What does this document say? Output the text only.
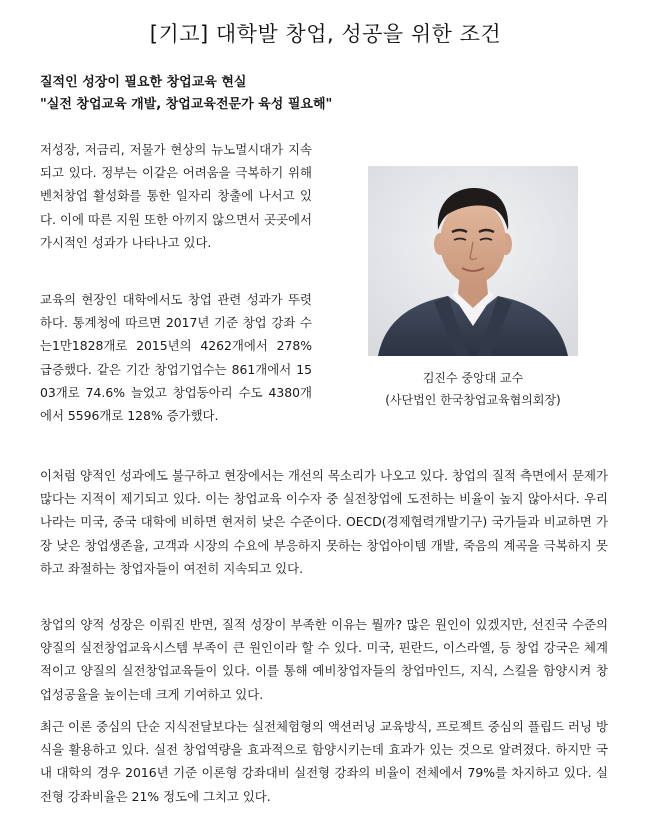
[기고] 대학발 창업, 성공을 위한 조건
질적인 성장이 필요한 창업교육 현실
"실전 창업교육 개발, 창업교육전문가 육성 필요해"
저성장, 저금리, 저물가 현상의 뉴노멀시대가 지속되고 있다. 정부는 이같은 어려움을 극복하기 위해 벤처창업 활성화를 통한 일자리 창출에 나서고 있다. 이에 따른 지원 또한 아끼지 않으면서 곳곳에서 가시적인 성과가 나타나고 있다.
교육의 현장인 대학에서도 창업 관련 성과가 뚜렷하다. 통계청에 따르면 2017년 기준 창업 강좌 수는1만1828개로 2015년의 4262개에서 278% 급증했다. 같은 기간 창업기업수는 861개에서 1503개로 74.6% 늘었고 창업동아리 수도 4380개에서 5596개로 128% 증가했다.
김진수 중앙대 교수
(사단법인 한국창업교육협의회장)
이처럼 양적인 성과에도 불구하고 현장에서는 개선의 목소리가 나오고 있다. 창업의 질적 측면에서 문제가 많다는 지적이 제기되고 있다. 이는 창업교육 이수자 중 실전창업에 도전하는 비율이 높지 않아서다. 우리나라는 미국, 중국 대학에 비하면 현저히 낮은 수준이다. OECD(경제협력개발기구) 국가들과 비교하면 가장 낮은 창업생존율, 고객과 시장의 수요에 부응하지 못하는 창업아이템 개발, 죽음의 계곡을 극복하지 못하고 좌절하는 창업자들이 여전히 지속되고 있다.
창업의 양적 성장은 이뤄진 반면, 질적 성장이 부족한 이유는 뭘까? 많은 원인이 있겠지만, 선진국 수준의 양질의 실전창업교육시스템 부족이 큰 원인이라 할 수 있다. 미국, 핀란드, 이스라엘, 등 창업 강국은 체계적이고 양질의 실전창업교육들이 있다. 이를 통해 예비창업자들의 창업마인드, 지식, 스킬을 함양시켜 창업성공율을 높이는데 크게 기여하고 있다.
최근 이론 중심의 단순 지식전달보다는 실전체험형의 액션러닝 교육방식, 프로젝트 중심의 플립드 러닝 방식을 활용하고 있다. 실전 창업역량을 효과적으로 함양시키는데 효과가 있는 것으로 알려졌다. 하지만 국내 대학의 경우 2016년 기준 이론형 강좌대비 실전형 강좌의 비율이 전체에서 79%를 차지하고 있다. 실전형 강좌비율은 21% 정도에 그치고 있다.
